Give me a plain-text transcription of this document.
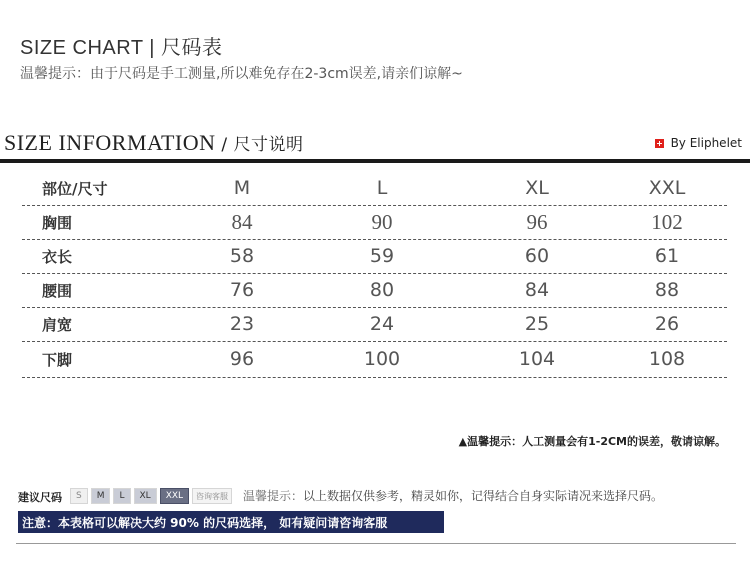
SIZE CHART | 尺码表
温馨提示：由于尺码是手工测量,所以难免存在2-3cm误差,请亲们谅解~
SIZE INFORMATION / 尺寸说明	By Eliphelet
部位/尺寸	M	L	XL	XXL
胸围	84	90	96	102
衣长	58	59	60	61
腰围	76	80	84	88
肩宽	23	24	25	26
下脚	96	100	104	108
▲温馨提示：人工测量会有1-2CM的误差，敬请谅解。
建议尺码	S	M	L	XL	XXL	咨询客服	温馨提示：以上数据仅供参考，精灵如你，记得结合自身实际请况来选择尺码。
注意：本表格可以解决大约 90% 的尺码选择， 如有疑问请咨询客服
